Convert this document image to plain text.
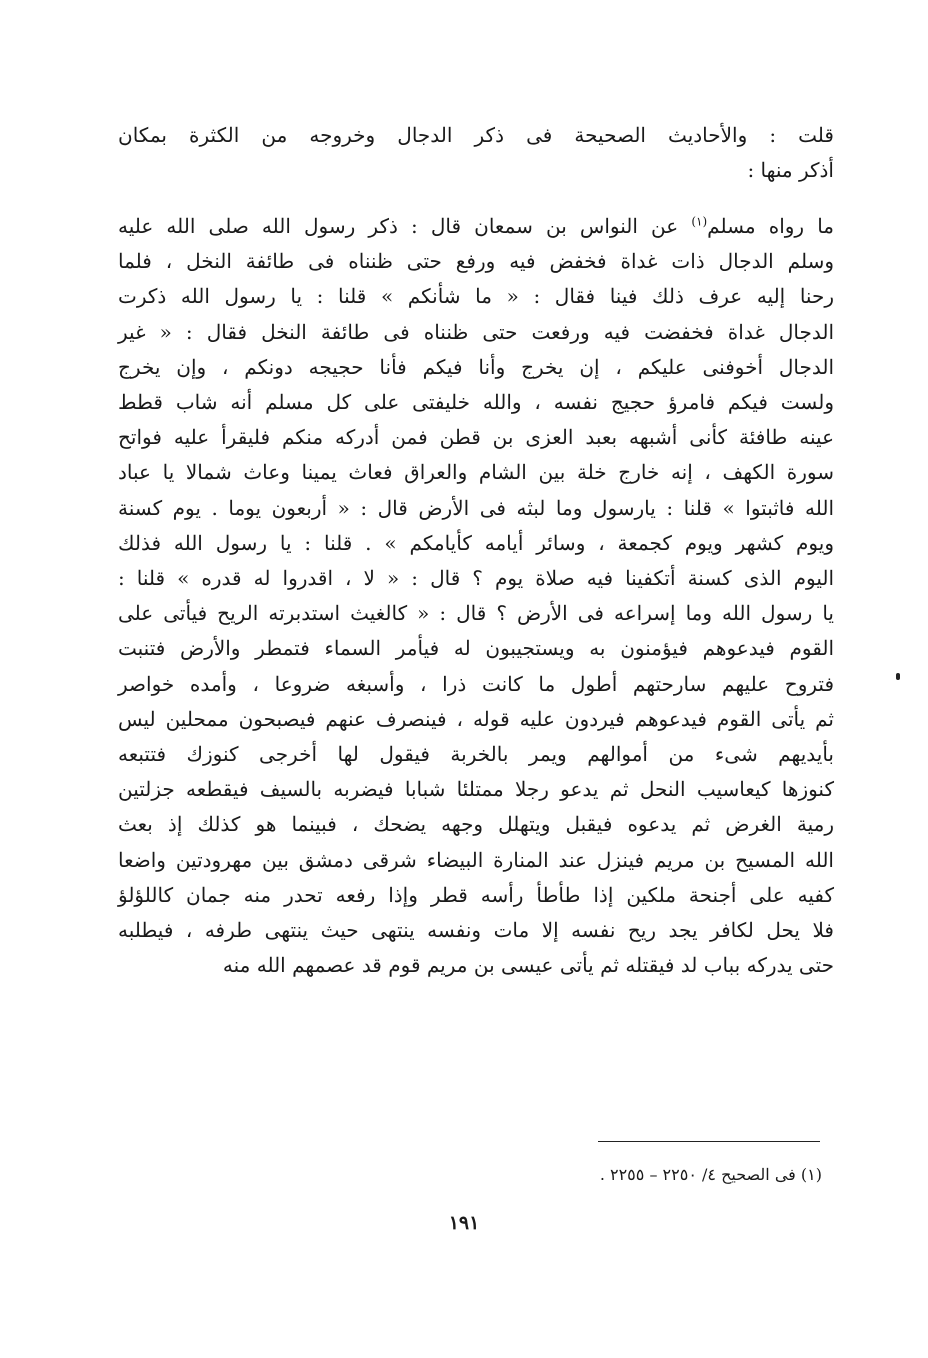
قلت : والأحاديث الصحيحة فى ذكر الدجال وخروجه من الكثرة بمكان
أذكر منها :
ما رواه مسلم$^{(١)}$ عن النواس بن سمعان قال : ذكر رسول الله صلى الله عليه
وسلم الدجال ذات غداة فخفض فيه ورفع حتى ظنناه فى طائفة النخل ، فلما
رحنا إليه عرف ذلك فينا فقال : « ما شأنكم » قلنا : يا رسول الله ذكرت
الدجال غداة فخفضت فيه ورفعت حتى ظنناه فى طائفة النخل فقال : « غير
الدجال أخوفنى عليكم ، إن يخرج وأنا فيكم فأنا حجيجه دونكم ، وإن يخرج
ولست فيكم فامرؤ حجيج نفسه ، والله خليفتى على كل مسلم أنه شاب قطط
عينه طافئة كأنى أشبهه بعبد العزى بن قطن فمن أدركه منكم فليقرأ عليه فواتح
سورة الكهف ، إنه خارج خلة بين الشام والعراق فعاث يمينا وعاث شمالا يا عباد
الله فاثبتوا » قلنا : يارسول وما لبثه فى الأرض قال : « أربعون يوما . يوم كسنة
ويوم كشهر ويوم كجمعة ، وسائر أيامه كأيامكم » . قلنا : يا رسول الله فذلك
اليوم الذى كسنة أتكفينا فيه صلاة يوم ؟ قال : « لا ، اقدروا له قدره » قلنا :
يا رسول الله وما إسراعه فى الأرض ؟ قال : « كالغيث استدبرته الريح فيأتى على
القوم فيدعوهم فيؤمنون به ويستجيبون له فيأمر السماء فتمطر والأرض فتنبت
فتروح عليهم سارحتهم أطول ما كانت ذرا ، وأسبغه ضروعا ، وأمده خواصر
ثم يأتى القوم فيدعوهم فيردون عليه قوله ، فينصرف عنهم فيصبحون ممحلين ليس
بأيديهم شىء من أموالهم ويمر بالخربة فيقول لها أخرجى كنوزك فتتبعه
كنوزها كيعاسيب النحل ثم يدعو رجلا ممتلئا شبابا فيضربه بالسيف فيقطعه جزلتين
رمية الغرض ثم يدعوه فيقبل ويتهلل وجهه يضحك ، فبينما هو كذلك إذ بعث
الله المسيح بن مريم فينزل عند المنارة البيضاء شرقى دمشق بين مهرودتين واضعا
كفيه على أجنحة ملكين إذا طأطأ رأسه قطر وإذا رفعه تحدر منه جمان كاللؤلؤ
فلا يحل لكافر يجد ريح نفسه إلا مات ونفسه ينتهى حيث ينتهى طرفه ، فيطلبه
حتى يدركه بباب لد فيقتله ثم يأتى عيسى بن مريم قوم قد عصمهم الله منه
(١) فى الصحيح ٤/ ٢٢٥٠ – ٢٢٥٥ .
١٩١
